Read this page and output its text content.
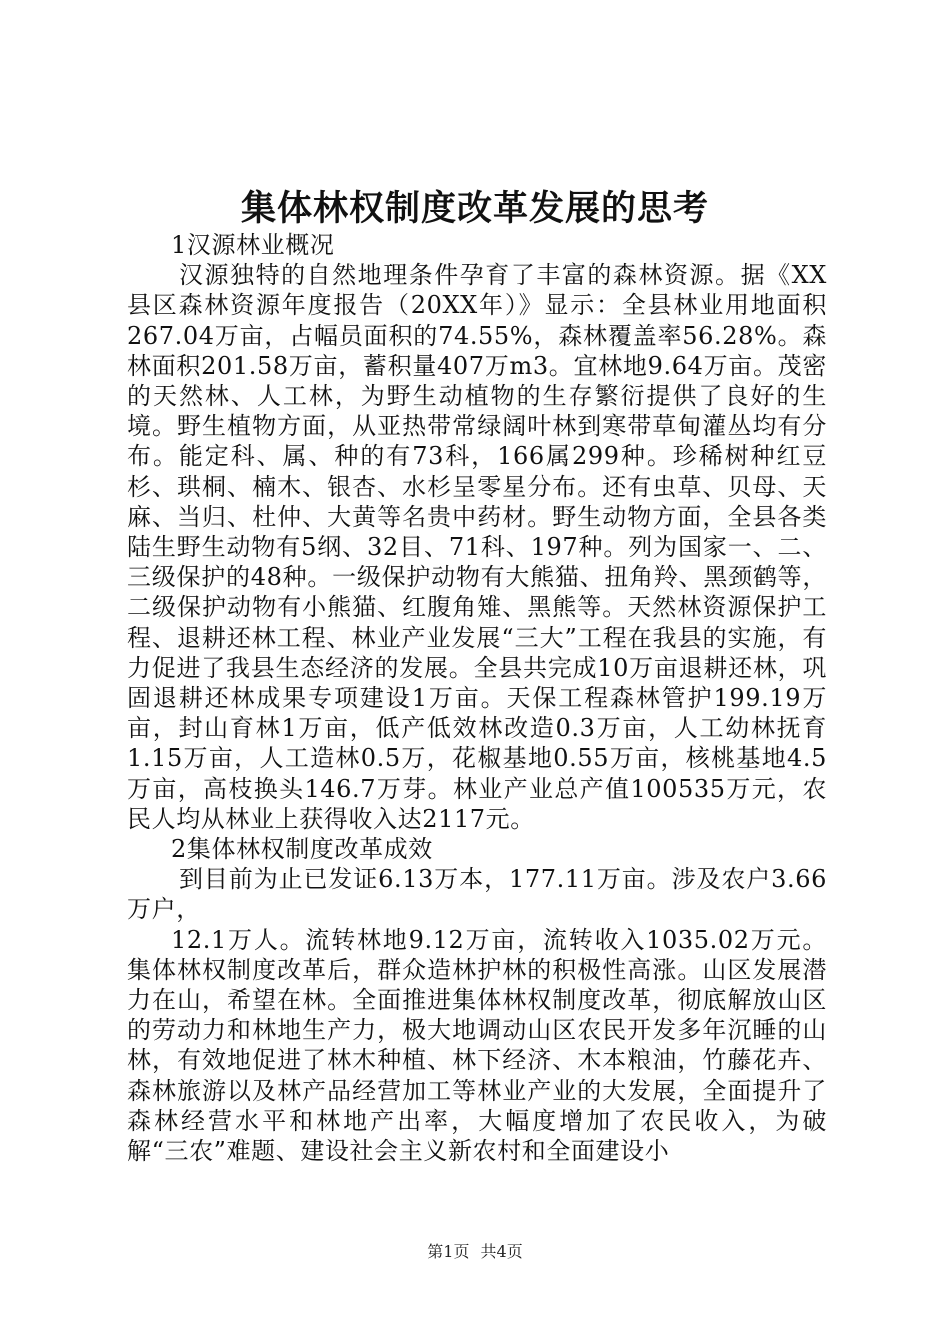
集体林权制度改革发展的思考

1汉源林业概况

汉源独特的自然地理条件孕育了丰富的森林资源。据《XX县区森林资源年度报告（20XX年）》显示：全县林业用地面积267.04万亩，占幅员面积的74.55%，森林覆盖率56.28%。森林面积201.58万亩，蓄积量407万m3。宜林地9.64万亩。茂密的天然林、人工林，为野生动植物的生存繁衍提供了良好的生境。野生植物方面，从亚热带常绿阔叶林到寒带草甸灌丛均有分布。能定科、属、种的有73科，166属299种。珍稀树种红豆杉、珙桐、楠木、银杏、水杉呈零星分布。还有虫草、贝母、天麻、当归、杜仲、大黄等名贵中药材。野生动物方面，全县各类陆生野生动物有5纲、32目、71科、197种。列为国家一、二、三级保护的48种。一级保护动物有大熊猫、扭角羚、黑颈鹤等，二级保护动物有小熊猫、红腹角雉、黑熊等。天然林资源保护工程、退耕还林工程、林业产业发展“三大”工程在我县的实施，有力促进了我县生态经济的发展。全县共完成10万亩退耕还林，巩固退耕还林成果专项建设1万亩。天保工程森林管护199.19万亩，封山育林1万亩，低产低效林改造0.3万亩，人工幼林抚育1.15万亩，人工造林0.5万，花椒基地0.55万亩，核桃基地4.5万亩，高枝换头146.7万芽。林业产业总产值100535万元，农民人均从林业上获得收入达2117元。

2集体林权制度改革成效

到目前为止已发证6.13万本，177.11万亩。涉及农户3.66万户，

12.1万人。流转林地9.12万亩，流转收入1035.02万元。集体林权制度改革后，群众造林护林的积极性高涨。山区发展潜力在山，希望在林。全面推进集体林权制度改革，彻底解放山区的劳动力和林地生产力，极大地调动山区农民开发多年沉睡的山林，有效地促进了林木种植、林下经济、木本粮油，竹藤花卉、森林旅游以及林产品经营加工等林业产业的大发展，全面提升了森林经营水平和林地产出率，大幅度增加了农民收入，为破解“三农”难题、建设社会主义新农村和全面建设小

第1页 共4页
